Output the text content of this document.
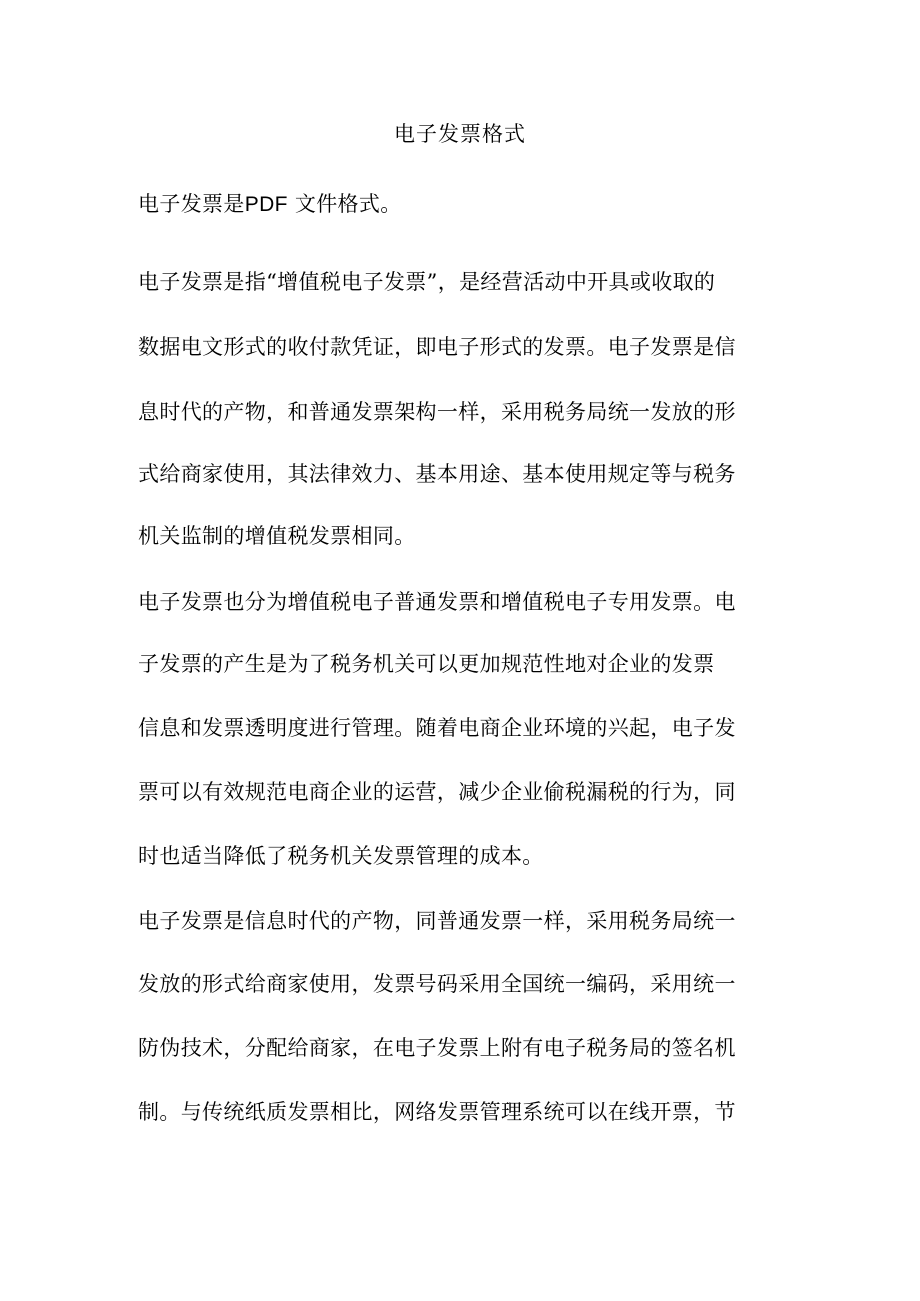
电子发票格式
电子发票是PDF 文件格式。
电子发票是指“增值税电子发票”，是经营活动中开具或收取的
数据电文形式的收付款凭证，即电子形式的发票。电子发票是信
息时代的产物，和普通发票架构一样，采用税务局统一发放的形
式给商家使用，其法律效力、基本用途、基本使用规定等与税务
机关监制的增值税发票相同。
电子发票也分为增值税电子普通发票和增值税电子专用发票。电
子发票的产生是为了税务机关可以更加规范性地对企业的发票
信息和发票透明度进行管理。随着电商企业环境的兴起，电子发
票可以有效规范电商企业的运营，减少企业偷税漏税的行为，同
时也适当降低了税务机关发票管理的成本。
电子发票是信息时代的产物，同普通发票一样，采用税务局统一
发放的形式给商家使用，发票号码采用全国统一编码，采用统一
防伪技术，分配给商家，在电子发票上附有电子税务局的签名机
制。与传统纸质发票相比，网络发票管理系统可以在线开票，节
